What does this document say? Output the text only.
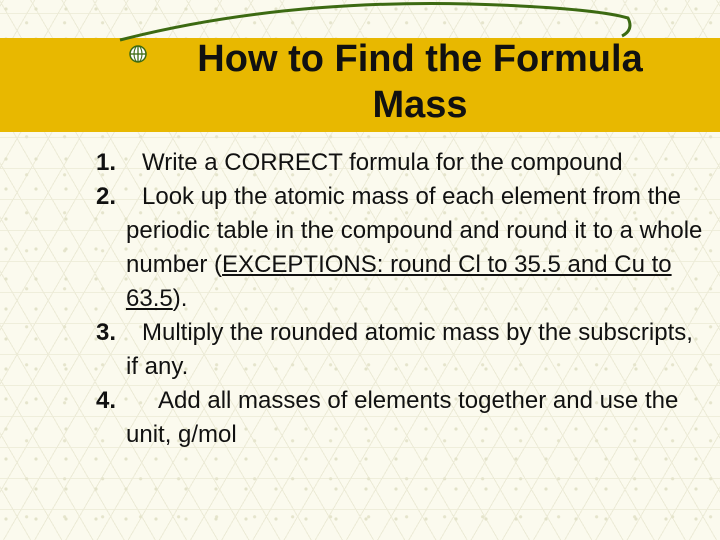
How to Find the Formula
Mass
1. Write a CORRECT formula for the compound
2. Look up the atomic mass of each element from the periodic table in the compound and round it to a whole number (EXCEPTIONS: round Cl to 35.5 and Cu to 63.5).
3. Multiply the rounded atomic mass by the subscripts, if any.
4. Add all masses of elements together and use the unit, g/mol
